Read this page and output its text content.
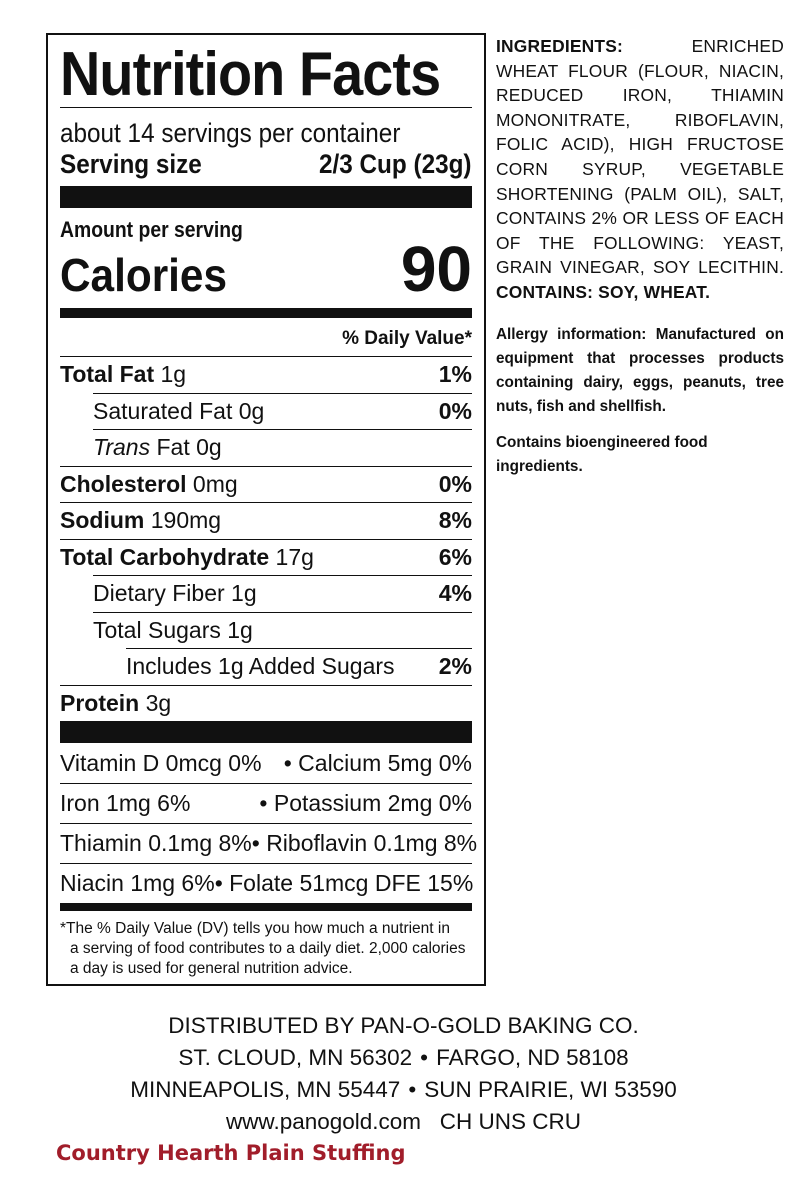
Nutrition Facts
about 14 servings per container
Serving size	2/3 Cup (23g)
Amount per serving
Calories	90
% Daily Value*
Total Fat 1g	1%
Saturated Fat 0g	0%
Trans Fat 0g
Cholesterol 0mg	0%
Sodium 190mg	8%
Total Carbohydrate 17g	6%
Dietary Fiber 1g	4%
Total Sugars 1g
Includes 1g Added Sugars 2%
Protein 3g
Vitamin D 0mcg 0% • Calcium 5mg 0%
Iron 1mg 6%	• Potassium 2mg 0%
Thiamin 0.1mg 8% • Riboflavin 0.1mg 8%
Niacin 1mg 6% • Folate 51mcg DFE 15%
*The % Daily Value (DV) tells you how much a nutrient in
a serving of food contributes to a daily diet. 2,000 calories
a day is used for general nutrition advice.

INGREDIENTS:	ENRICHED WHEAT FLOUR (FLOUR, NIACIN, REDUCED IRON, THIAMIN MONONITRATE, RIBOFLAVIN, FOLIC ACID), HIGH FRUCTOSE CORN SYRUP, VEGETABLE SHORTENING (PALM OIL), SALT, CONTAINS 2% OR LESS OF EACH OF THE FOLLOWING: YEAST, GRAIN VINEGAR, SOY LECITHIN. CONTAINS: SOY, WHEAT.

Allergy information: Manufactured on equipment that processes products containing dairy, eggs, peanuts, tree nuts, fish and shellfish.

Contains bioengineered food ingredients.

DISTRIBUTED BY PAN-O-GOLD BAKING CO.
ST. CLOUD, MN 56302 • FARGO, ND 58108
MINNEAPOLIS, MN 55447 • SUN PRAIRIE, WI 53590
www.panogold.com   CH UNS CRU
Country Hearth Plain Stuffing
